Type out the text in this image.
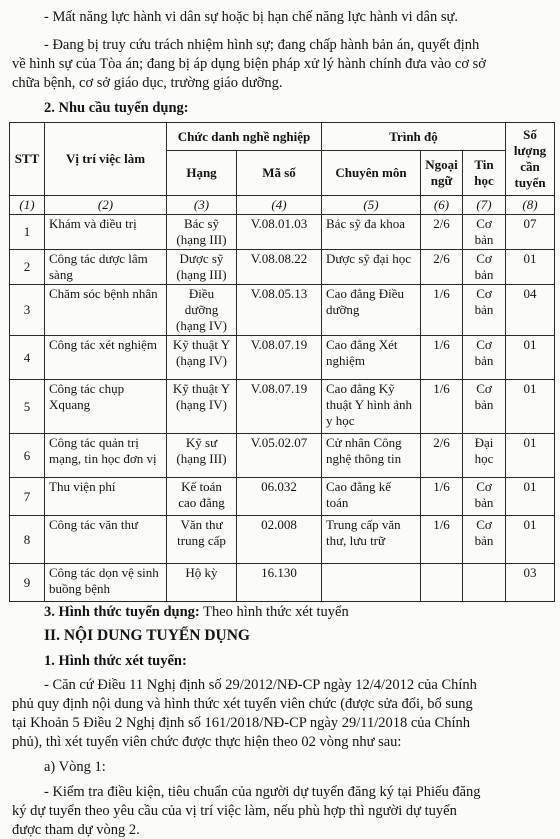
- Mất năng lực hành vi dân sự hoặc bị hạn chế năng lực hành vi dân sự.
- Đang bị truy cứu trách nhiệm hình sự; đang chấp hành bản án, quyết định
về hình sự của Tòa án; đang bị áp dụng biện pháp xử lý hành chính đưa vào cơ sở
chữa bệnh, cơ sở giáo dục, trường giáo dưỡng.
2. Nhu cầu tuyển dụng:
STT	Vị trí việc làm	Chức danh nghề nghiệp		Trình độ			Số lượng cần tuyển
		Hạng	Mã số	Chuyên môn	Ngoại ngữ	Tin học	
(1)	(2)	(3)	(4)	(5)	(6)	(7)	(8)
1	Khám và điều trị	Bác sỹ (hạng III)	V.08.01.03	Bác sỹ đa khoa	2/6	Cơ bản	07
2	Công tác dược lâm sàng	Dược sỹ (hạng III)	V.08.08.22	Dược sỹ đại học	2/6	Cơ bản	01
3	Chăm sóc bệnh nhân	Điều dưỡng (hạng IV)	V.08.05.13	Cao đẳng Điều dưỡng	1/6	Cơ bản	04
4	Công tác xét nghiệm	Kỹ thuật Y (hạng IV)	V.08.07.19	Cao đẳng Xét nghiệm	1/6	Cơ bản	01
5	Công tác chụp Xquang	Kỹ thuật Y (hạng IV)	V.08.07.19	Cao đẳng Kỹ thuật Y hình ảnh y học	1/6	Cơ bản	01
6	Công tác quản trị mạng, tin học đơn vị	Kỹ sư (hạng III)	V.05.02.07	Cử nhân Công nghệ thông tin	2/6	Đại học	01
7	Thu viện phí	Kế toán cao đẳng	06.032	Cao đẳng kế toán	1/6	Cơ bản	01
8	Công tác văn thư	Văn thư trung cấp	02.008	Trung cấp văn thư, lưu trữ	1/6	Cơ bản	01
9	Công tác dọn vệ sinh buồng bệnh	Hộ kỳ	16.130				03
3. Hình thức tuyển dụng: Theo hình thức xét tuyển
II. NỘI DUNG TUYỂN DỤNG
1. Hình thức xét tuyển:
- Căn cứ Điều 11 Nghị định số 29/2012/NĐ-CP ngày 12/4/2012 của Chính
phủ quy định nội dung và hình thức xét tuyển viên chức (được sửa đổi, bổ sung
tại Khoản 5 Điều 2 Nghị định số 161/2018/NĐ-CP ngày 29/11/2018 của Chính
phủ), thì xét tuyển viên chức được thực hiện theo 02 vòng như sau:
a) Vòng 1:
- Kiểm tra điều kiện, tiêu chuẩn của người dự tuyển đăng ký tại Phiếu đăng
ký dự tuyển theo yêu cầu của vị trí việc làm, nếu phù hợp thì người dự tuyển
được tham dự vòng 2.
